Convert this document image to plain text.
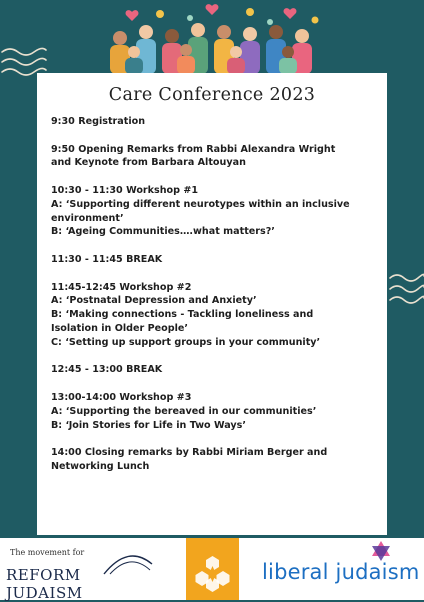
Care Conference 2023

9:30 Registration

9:50 Opening Remarks from Rabbi Alexandra Wright
and Keynote from Barbara Altouyan

10:30 - 11:30 Workshop #1
A: ‘Supporting different neurotypes within an inclusive
environment’
B: ‘Ageing Communities….what matters?’

11:30 - 11:45 BREAK

11:45-12:45 Workshop #2
A: ‘Postnatal Depression and Anxiety’
B: ‘Making connections - Tackling loneliness and
Isolation in Older People’
C: ‘Setting up support groups in your community’

12:45 - 13:00 BREAK

13:00-14:00 Workshop #3
A: ‘Supporting the bereaved in our communities’
B: ‘Join Stories for Life in Two Ways’

14:00 Closing remarks by Rabbi Miriam Berger and
Networking Lunch

The movement for
REFORM JUDAISM
liberal judaism
